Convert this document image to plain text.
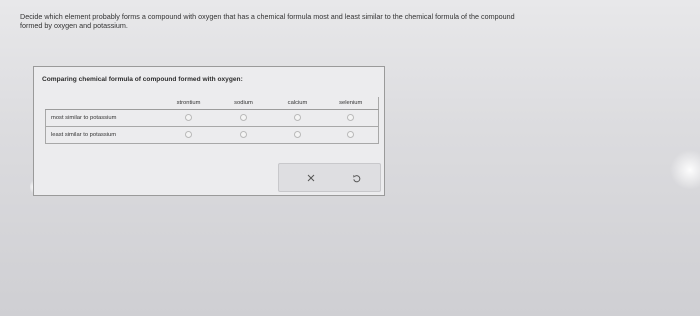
Decide which element probably forms a compound with oxygen that has a chemical formula most and least similar to the chemical formula of the compound
formed by oxygen and potassium.
Comparing chemical formula of compound formed with oxygen:
	strontium	sodium	calcium	selenium
most similar to potassium				
least similar to potassium				
